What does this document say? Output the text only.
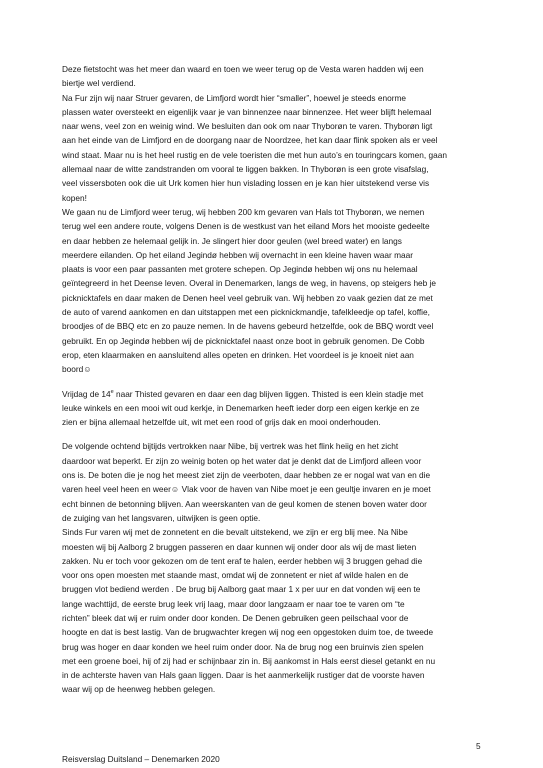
Deze fietstocht was het meer dan waard en toen we weer terug op de Vesta waren hadden wij een
biertje wel verdiend.
Na Fur zijn wij naar Struer gevaren, de Limfjord wordt hier “smaller”, hoewel je steeds enorme
plassen water oversteekt en eigenlijk vaar je van binnenzee naar binnenzee. Het weer blijft helemaal
naar wens, veel zon en weinig wind. We besluiten dan ook om naar Thyborøn te varen. Thyborøn ligt
aan het einde van de Limfjord en de doorgang naar de Noordzee, het kan daar flink spoken als er veel
wind staat. Maar nu is het heel rustig en de vele toeristen die met hun auto’s en touringcars komen, gaan
allemaal naar de witte zandstranden om vooral te liggen bakken. In Thyborøn is een grote visafslag,
veel vissersboten ook die uit Urk komen hier hun vislading lossen en je kan hier uitstekend verse vis
kopen!
We gaan nu de Limfjord weer terug, wij hebben 200 km gevaren van Hals tot Thyborøn, we nemen
terug wel een andere route, volgens Denen is de westkust van het eiland Mors het mooiste gedeelte
en daar hebben ze helemaal gelijk in. Je slingert hier door geulen (wel breed water) en langs
meerdere eilanden. Op het eiland Jegindø hebben wij overnacht in een kleine haven waar maar
plaats is voor een paar passanten met grotere schepen. Op Jegindø hebben wij ons nu helemaal
geïntegreerd in het Deense leven. Overal in Denemarken, langs de weg, in havens, op steigers heb je
picknicktafels en daar maken de Denen heel veel gebruik van. Wij hebben zo vaak gezien dat ze met
de auto of varend aankomen en dan uitstappen met een picknickmandje, tafelkleedje op tafel, koffie,
broodjes of de BBQ etc en zo pauze nemen. In de havens gebeurd hetzelfde, ook de BBQ wordt veel
gebruikt. En op Jegindø hebben wij de picknicktafel naast onze boot in gebruik genomen. De Cobb
erop, eten klaarmaken en aansluitend alles opeten en drinken. Het voordeel is je knoeit niet aan
boord☺

Vrijdag de 14e naar Thisted gevaren en daar een dag blijven liggen. Thisted is een klein stadje met
leuke winkels en een mooi wit oud kerkje, in Denemarken heeft ieder dorp een eigen kerkje en ze
zien er bijna allemaal hetzelfde uit, wit met een rood of grijs dak en mooi onderhouden.

De volgende ochtend bijtijds vertrokken naar Nibe, bij vertrek was het flink heiig en het zicht
daardoor wat beperkt. Er zijn zo weinig boten op het water dat je denkt dat de Limfjord alleen voor
ons is. De boten die je nog het meest ziet zijn de veerboten, daar hebben ze er nogal wat van en die
varen heel veel heen en weer☺ Vlak voor de haven van Nibe moet je een geultje invaren en je moet
echt binnen de betonning blijven. Aan weerskanten van de geul komen de stenen boven water door
de zuiging van het langsvaren, uitwijken is geen optie.
Sinds Fur varen wij met de zonnetent en die bevalt uitstekend, we zijn er erg blij mee. Na Nibe
moesten wij bij Aalborg 2 bruggen passeren en daar kunnen wij onder door als wij de mast lieten
zakken. Nu er toch voor gekozen om de tent eraf te halen, eerder hebben wij 3 bruggen gehad die
voor ons open moesten met staande mast, omdat wij de zonnetent er niet af wilde halen en de
bruggen vlot bediend werden . De brug bij Aalborg gaat maar 1 x per uur en dat vonden wij een te
lange wachttijd, de eerste brug leek vrij laag, maar door langzaam er naar toe te varen om “te
richten” bleek dat wij er ruim onder door konden. De Denen gebruiken geen peilschaal voor de
hoogte en dat is best lastig. Van de brugwachter kregen wij nog een opgestoken duim toe, de tweede
brug was hoger en daar konden we heel ruim onder door. Na de brug nog een bruinvis zien spelen
met een groene boei, hij of zij had er schijnbaar zin in. Bij aankomst in Hals eerst diesel getankt en nu
in de achterste haven van Hals gaan liggen. Daar is het aanmerkelijk rustiger dat de voorste haven
waar wij op de heenweg hebben gelegen.

5
Reisverslag Duitsland – Denemarken 2020
